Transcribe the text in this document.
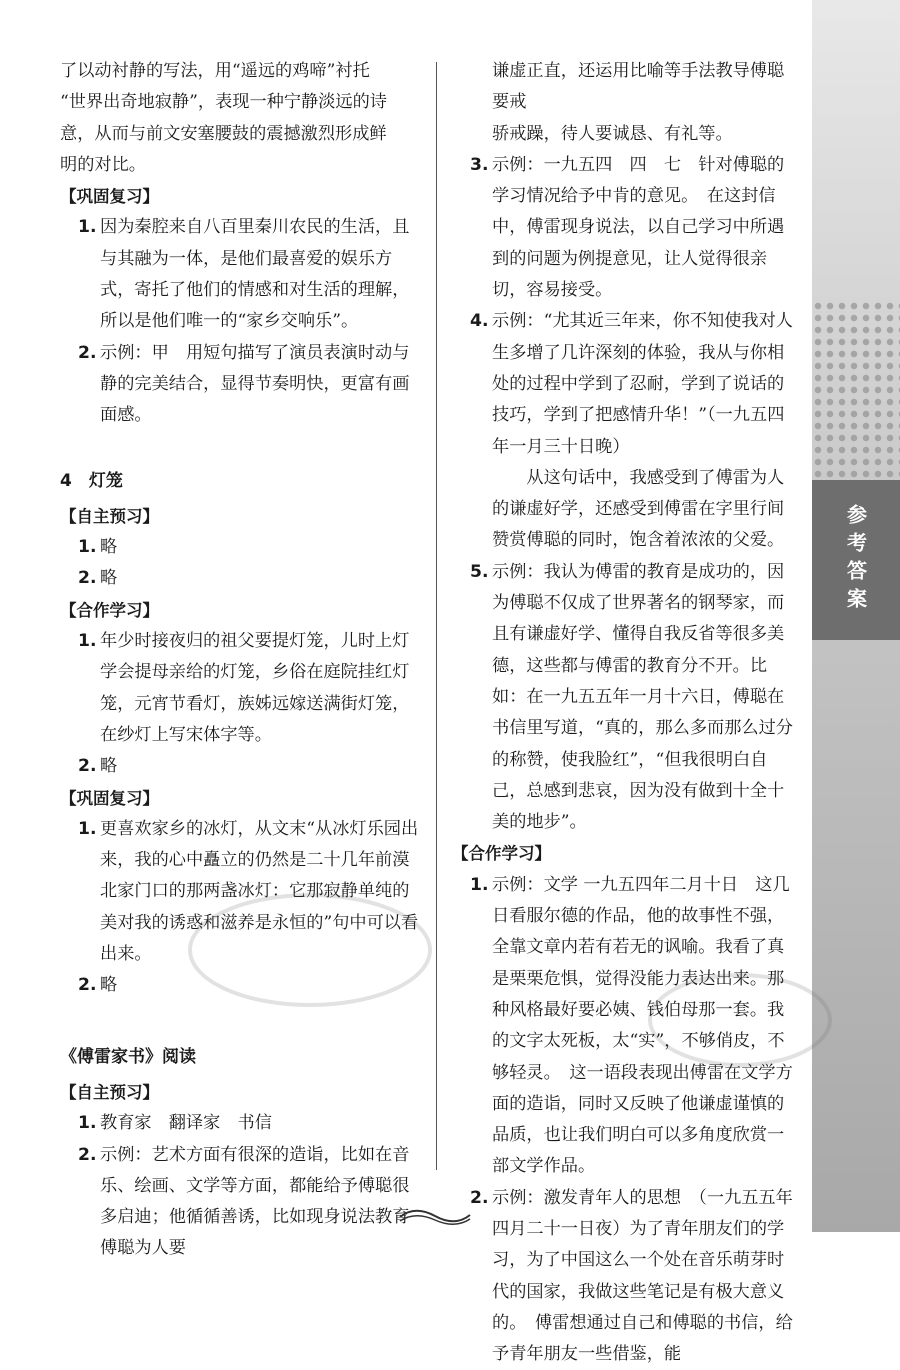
了以动衬静的写法，用“遥远的鸡啼”衬托

“世界出奇地寂静”，表现一种宁静淡远的诗

意，从而与前文安塞腰鼓的震撼激烈形成鲜

明的对比。

【巩固复习】

1. 因为秦腔来自八百里秦川农民的生活，且与其融为一体，是他们最喜爱的娱乐方式，寄托了他们的情感和对生活的理解，所以是他们唯一的“家乡交响乐”。
2. 示例：甲　用短句描写了演员表演时动与静的完美结合，显得节奏明快，更富有画面感。

4　灯笼

【自主预习】

1. 略
2. 略

【合作学习】

1. 年少时接夜归的祖父要提灯笼，儿时上灯学会提母亲给的灯笼，乡俗在庭院挂红灯笼，元宵节看灯，族姊远嫁送满街灯笼，在纱灯上写宋体字等。
2. 略

【巩固复习】

1. 更喜欢家乡的冰灯，从文末“从冰灯乐园出来，我的心中矗立的仍然是二十几年前漠北家门口的那两盏冰灯：它那寂静单纯的美对我的诱惑和滋养是永恒的”句中可以看出来。
2. 略

《傅雷家书》阅读

【自主预习】

1. 教育家　翻译家　书信
2. 示例：艺术方面有很深的造诣，比如在音乐、绘画、文学等方面，都能给予傅聪很多启迪；他循循善诱，比如现身说法教育傅聪为人要

谦虚正直，还运用比喻等手法教导傅聪要戒

骄戒躁，待人要诚恳、有礼等。

3. 示例：一九五四　四　七　针对傅聪的学习情况给予中肯的意见。　在这封信中，傅雷现身说法，以自己学习中所遇到的问题为例提意见，让人觉得很亲切，容易接受。
4. 示例：“尤其近三年来，你不知使我对人生多增了几许深刻的体验，我从与你相处的过程中学到了忍耐，学到了说话的技巧，学到了把感情升华！”（一九五四年一月三十日晚）

从这句话中，我感受到了傅雷为人的谦虚好学，还感受到傅雷在字里行间赞赏傅聪的同时，饱含着浓浓的父爱。

5. 示例：我认为傅雷的教育是成功的，因为傅聪不仅成了世界著名的钢琴家，而且有谦虚好学、懂得自我反省等很多美德，这些都与傅雷的教育分不开。比如：在一九五五年一月十六日，傅聪在书信里写道，“真的，那么多而那么过分的称赞，使我脸红”，“但我很明白自己，总感到悲哀，因为没有做到十全十美的地步”。

【合作学习】

1. 示例：文学 一九五四年二月十日　这几日看服尔德的作品，他的故事性不强，全靠文章内若有若无的讽喻。我看了真是栗栗危惧，觉得没能力表达出来。那种风格最好要必姨、钱伯母那一套。我的文字太死板，太“实”，不够俏皮，不够轻灵。　这一语段表现出傅雷在文学方面的造诣，同时又反映了他谦虚谨慎的品质，也让我们明白可以多角度欣赏一部文学作品。
2. 示例：激发青年人的思想　（一九五五年四月二十一日夜）为了青年朋友们的学习，为了中国这么一个处在音乐萌芽时代的国家，我做这些笔记是有极大意义的。　傅雷想通过自己和傅聪的书信，给予青年朋友一些借鉴，能
参考答案
